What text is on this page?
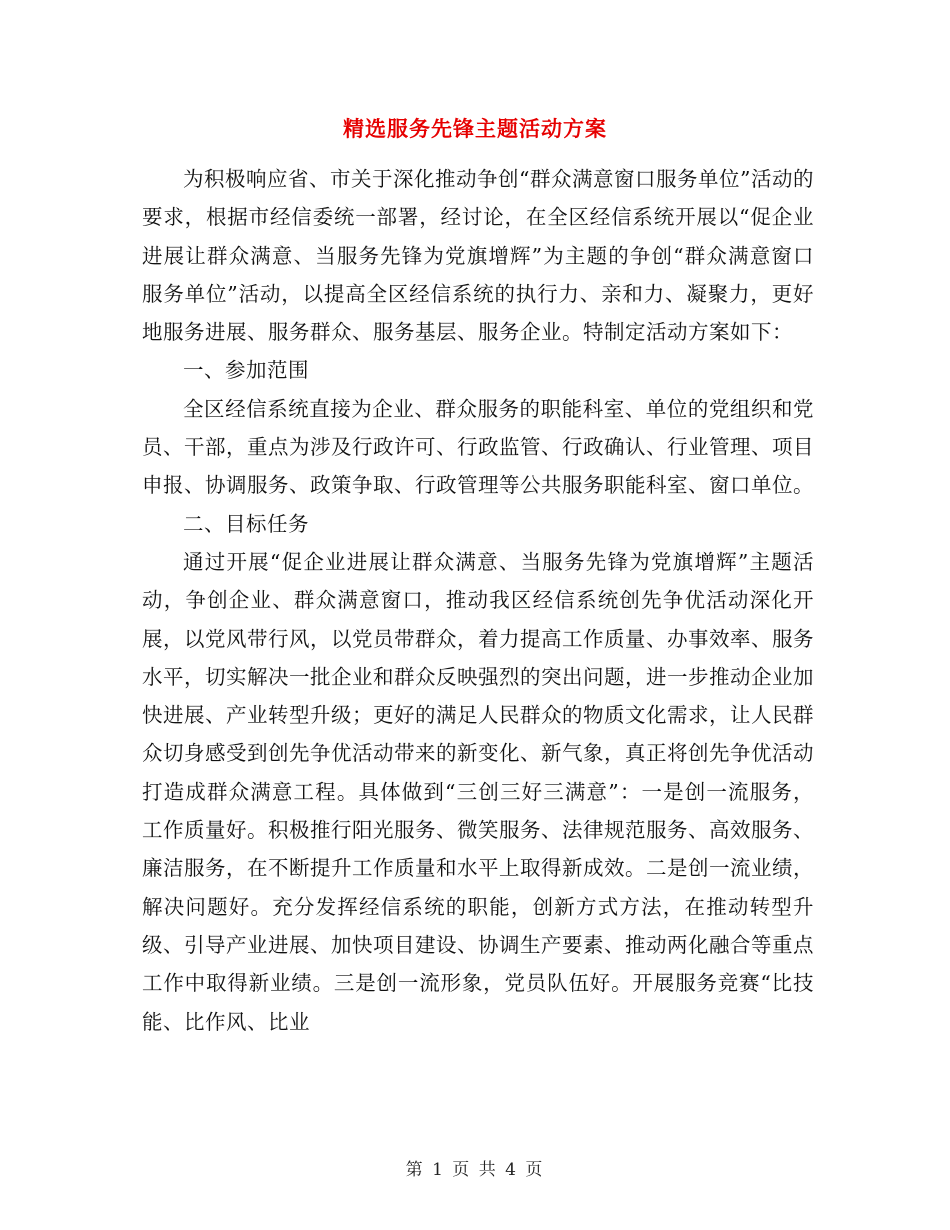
精选服务先锋主题活动方案

为积极响应省、市关于深化推动争创“群众满意窗口服务单位”活动的要求，根据市经信委统一部署，经讨论，在全区经信系统开展以“促企业进展让群众满意、当服务先锋为党旗增辉”为主题的争创“群众满意窗口服务单位”活动，以提高全区经信系统的执行力、亲和力、凝聚力，更好地服务进展、服务群众、服务基层、服务企业。特制定活动方案如下：

一、参加范围

全区经信系统直接为企业、群众服务的职能科室、单位的党组织和党员、干部，重点为涉及行政许可、行政监管、行政确认、行业管理、项目申报、协调服务、政策争取、行政管理等公共服务职能科室、窗口单位。

二、目标任务

通过开展“促企业进展让群众满意、当服务先锋为党旗增辉”主题活动，争创企业、群众满意窗口，推动我区经信系统创先争优活动深化开展，以党风带行风，以党员带群众，着力提高工作质量、办事效率、服务水平，切实解决一批企业和群众反映强烈的突出问题，进一步推动企业加快进展、产业转型升级；更好的满足人民群众的物质文化需求，让人民群众切身感受到创先争优活动带来的新变化、新气象，真正将创先争优活动打造成群众满意工程。具体做到“三创三好三满意”：一是创一流服务，工作质量好。积极推行阳光服务、微笑服务、法律规范服务、高效服务、廉洁服务，在不断提升工作质量和水平上取得新成效。二是创一流业绩，解决问题好。充分发挥经信系统的职能，创新方式方法，在推动转型升级、引导产业进展、加快项目建设、协调生产要素、推动两化融合等重点工作中取得新业绩。三是创一流形象，党员队伍好。开展服务竞赛“比技能、比作风、比业

第 1 页 共 4 页
